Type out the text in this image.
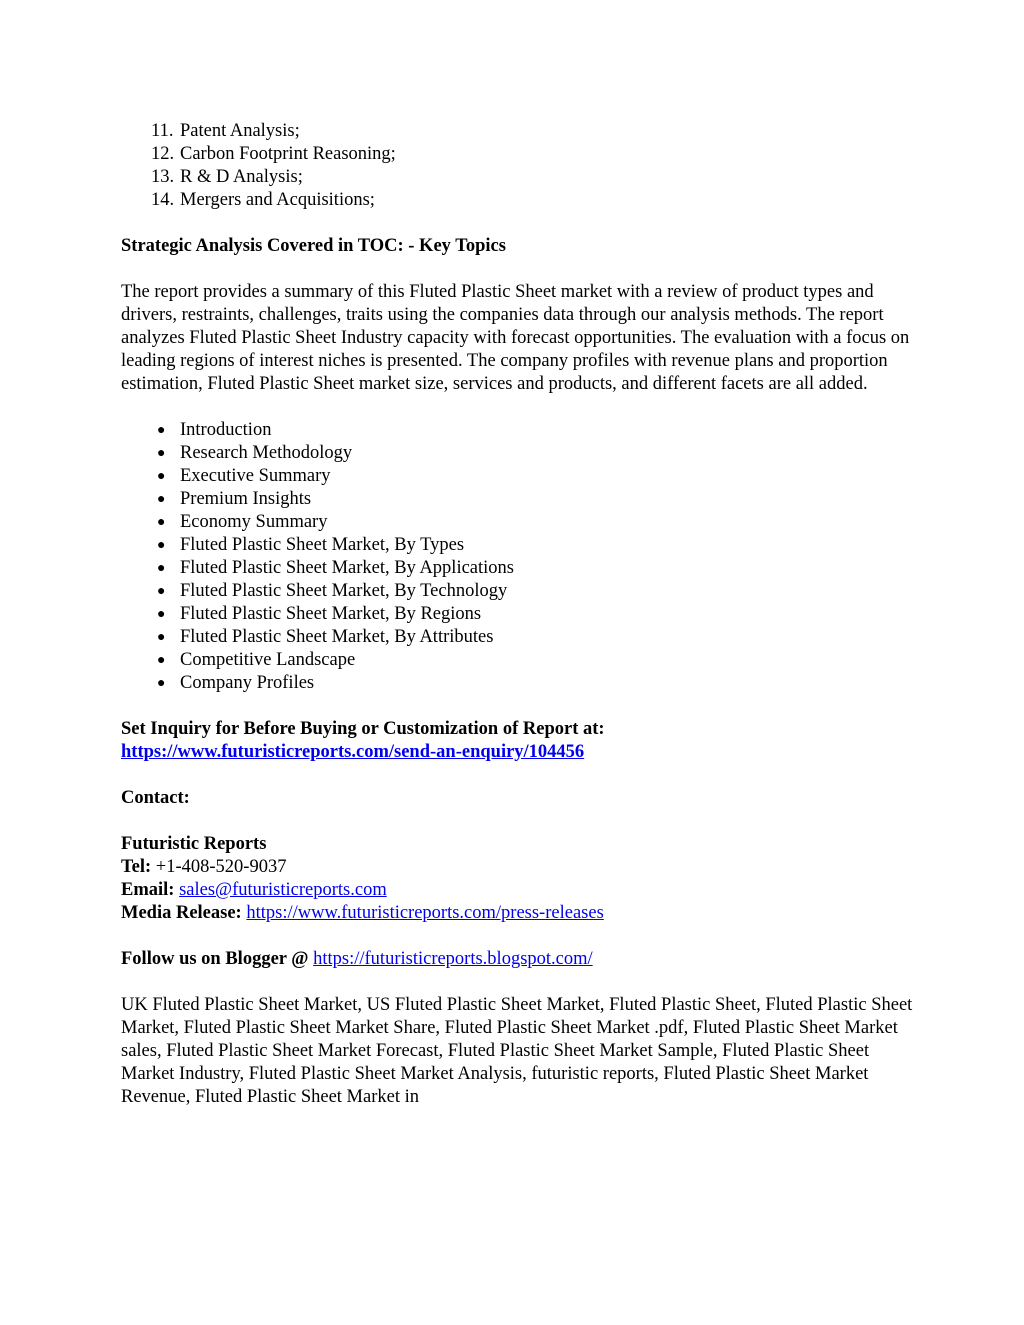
11. Patent Analysis;
12. Carbon Footprint Reasoning;
13. R & D Analysis;
14. Mergers and Acquisitions;

Strategic Analysis Covered in TOC: - Key Topics

The report provides a summary of this Fluted Plastic Sheet market with a review of product types and drivers, restraints, challenges, traits using the companies data through our analysis methods. The report analyzes Fluted Plastic Sheet Industry capacity with forecast opportunities. The evaluation with a focus on leading regions of interest niches is presented. The company profiles with revenue plans and proportion estimation, Fluted Plastic Sheet market size, services and products, and different facets are all added.

● Introduction
● Research Methodology
● Executive Summary
● Premium Insights
● Economy Summary
● Fluted Plastic Sheet Market, By Types
● Fluted Plastic Sheet Market, By Applications
● Fluted Plastic Sheet Market, By Technology
● Fluted Plastic Sheet Market, By Regions
● Fluted Plastic Sheet Market, By Attributes
● Competitive Landscape
● Company Profiles

Set Inquiry for Before Buying or Customization of Report at:

https://www.futuristicreports.com/send-an-enquiry/104456

Contact:

Futuristic Reports

Tel: +1-408-520-9037

Email: sales@futuristicreports.com

Media Release: https://www.futuristicreports.com/press-releases

Follow us on Blogger @ https://futuristicreports.blogspot.com/

UK Fluted Plastic Sheet Market, US Fluted Plastic Sheet Market, Fluted Plastic Sheet, Fluted Plastic Sheet Market, Fluted Plastic Sheet Market Share, Fluted Plastic Sheet Market .pdf, Fluted Plastic Sheet Market sales, Fluted Plastic Sheet Market Forecast, Fluted Plastic Sheet Market Sample, Fluted Plastic Sheet Market Industry, Fluted Plastic Sheet Market Analysis, futuristic reports, Fluted Plastic Sheet Market Revenue, Fluted Plastic Sheet Market in
